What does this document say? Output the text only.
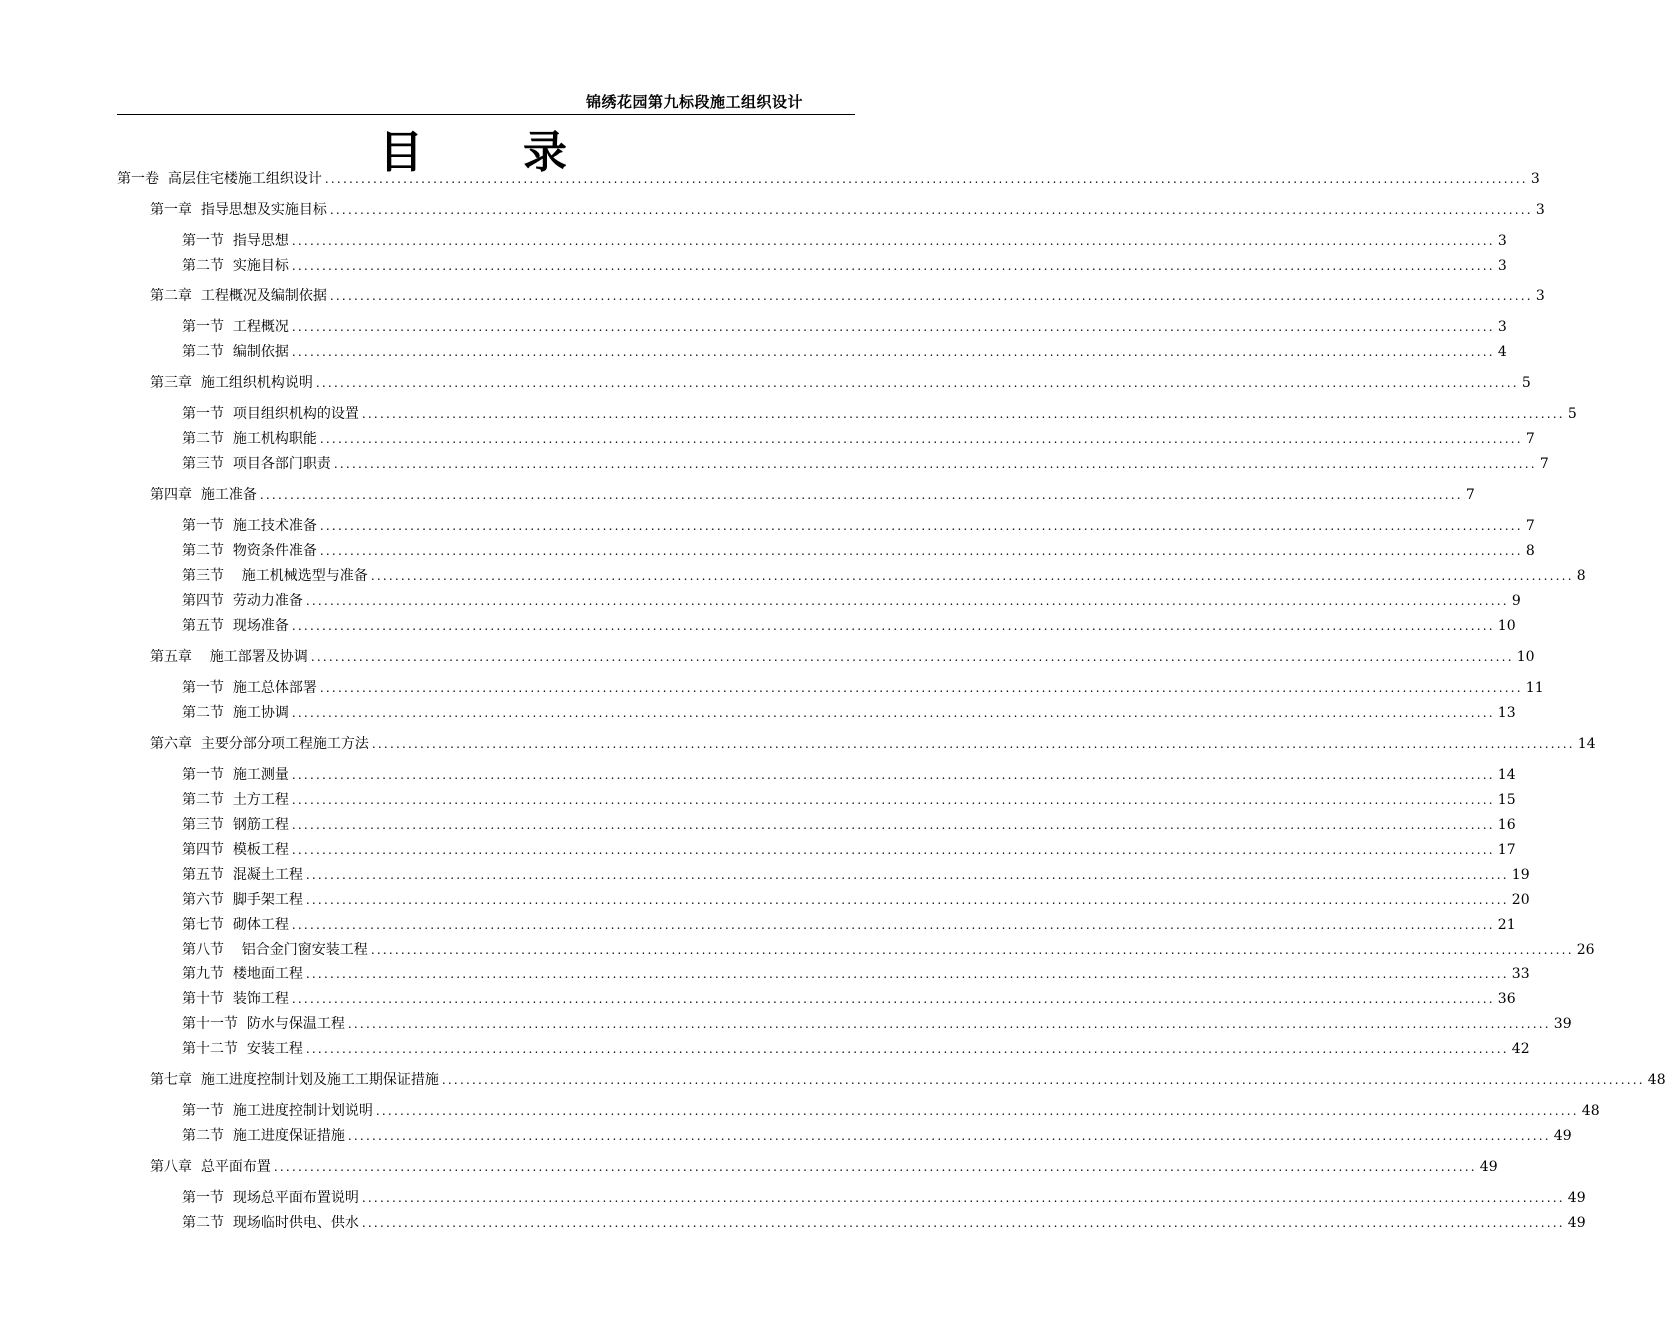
锦绣花园第九标段施工组织设计
目 录
第一卷  高层住宅楼施工组织设计 ........................................................................................................................................................................................................ 3
第一章  指导思想及实施目标 ........................................................................................................................................................................................................ 3
第一节  指导思想 ........................................................................................................................................................................................................ 3
第二节  实施目标 ........................................................................................................................................................................................................ 3
第二章  工程概况及编制依据 ........................................................................................................................................................................................................ 3
第一节  工程概况 ........................................................................................................................................................................................................ 3
第二节  编制依据 ........................................................................................................................................................................................................ 4
第三章  施工组织机构说明 ........................................................................................................................................................................................................ 5
第一节  项目组织机构的设置 ........................................................................................................................................................................................................ 5
第二节  施工机构职能 ........................................................................................................................................................................................................ 7
第三节  项目各部门职责 ........................................................................................................................................................................................................ 7
第四章  施工准备 ........................................................................................................................................................................................................ 7
第一节  施工技术准备 ........................................................................................................................................................................................................ 7
第二节  物资条件准备 ........................................................................................................................................................................................................ 8
第三节    施工机械选型与准备 ........................................................................................................................................................................................................ 8
第四节  劳动力准备 ........................................................................................................................................................................................................ 9
第五节  现场准备 ........................................................................................................................................................................................................ 10
第五章    施工部署及协调 ........................................................................................................................................................................................................ 10
第一节  施工总体部署 ........................................................................................................................................................................................................ 11
第二节  施工协调 ........................................................................................................................................................................................................ 13
第六章  主要分部分项工程施工方法 ........................................................................................................................................................................................................ 14
第一节  施工测量 ........................................................................................................................................................................................................ 14
第二节  土方工程 ........................................................................................................................................................................................................ 15
第三节  钢筋工程 ........................................................................................................................................................................................................ 16
第四节  模板工程 ........................................................................................................................................................................................................ 17
第五节  混凝土工程 ........................................................................................................................................................................................................ 19
第六节  脚手架工程 ........................................................................................................................................................................................................ 20
第七节  砌体工程 ........................................................................................................................................................................................................ 21
第八节    铝合金门窗安装工程 ........................................................................................................................................................................................................ 26
第九节  楼地面工程 ........................................................................................................................................................................................................ 33
第十节  装饰工程 ........................................................................................................................................................................................................ 36
第十一节  防水与保温工程 ........................................................................................................................................................................................................ 39
第十二节  安装工程 ........................................................................................................................................................................................................ 42
第七章  施工进度控制计划及施工工期保证措施 ........................................................................................................................................................................................................ 48
第一节  施工进度控制计划说明 ........................................................................................................................................................................................................ 48
第二节  施工进度保证措施 ........................................................................................................................................................................................................ 49
第八章  总平面布置 ........................................................................................................................................................................................................ 49
第一节  现场总平面布置说明 ........................................................................................................................................................................................................ 49
第二节  现场临时供电、供水 ........................................................................................................................................................................................................ 49
